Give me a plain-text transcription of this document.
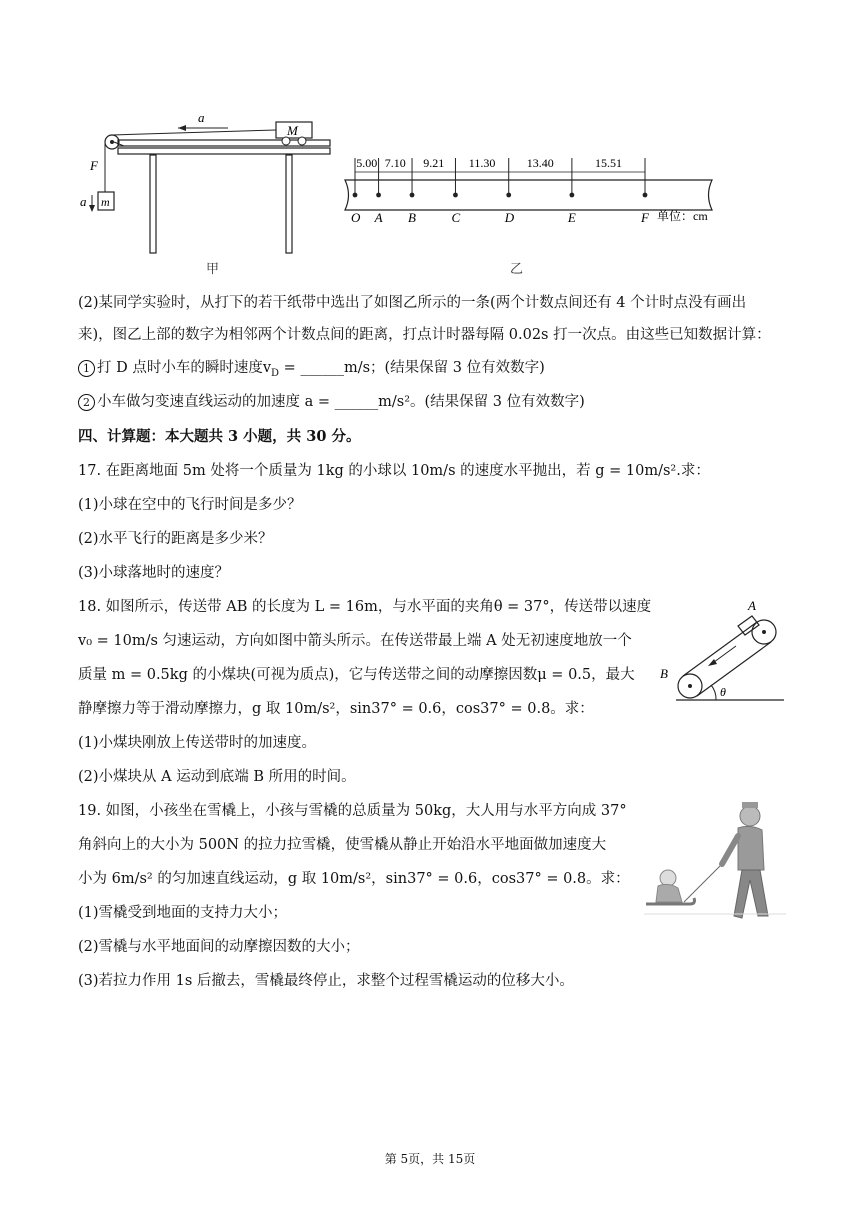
M
a
F
m
a
甲
O A B	C	D	E	F
5.00 7.10 9.21 11.30	13.40	15.51
单位：cm
乙
(2)某同学实验时，从打下的若干纸带中选出了如图乙所示的一条(两个计数点间还有 4 个计时点没有画出
来)，图乙上部的数字为相邻两个计数点间的距离，打点计时器每隔 0.02s 打一次点。由这些已知数据计算：
1 打 D 点时小车的瞬时速度$v_D$ = ______m/s；(结果保留 3 位有效数字)
2 小车做匀变速直线运动的加速度 a = ______m/s²。(结果保留 3 位有效数字)
四、计算题：本大题共 3 小题，共 30 分。
17. 在距离地面 5m 处将一个质量为 1kg 的小球以 10m/s 的速度水平抛出，若 g = 10m/s².求：
(1)小球在空中的飞行时间是多少？
(2)水平飞行的距离是多少米？
(3)小球落地时的速度？
18. 如图所示，传送带 AB 的长度为 L = 16m，与水平面的夹角θ = 37°，传送带以速度
v₀ = 10m/s 匀速运动，方向如图中箭头所示。在传送带最上端 A 处无初速度地放一个
质量 m = 0.5kg 的小煤块(可视为质点)，它与传送带之间的动摩擦因数μ = 0.5，最大
静摩擦力等于滑动摩擦力，g 取 10m/s²，sin37° = 0.6，cos37° = 0.8。求：
(1)小煤块刚放上传送带时的加速度。
(2)小煤块从 A 运动到底端 B 所用的时间。
θ
A
B
19. 如图，小孩坐在雪橇上，小孩与雪橇的总质量为 50kg，大人用与水平方向成 37°
角斜向上的大小为 500N 的拉力拉雪橇，使雪橇从静止开始沿水平地面做加速度大
小为 6m/s² 的匀加速直线运动，g 取 10m/s²，sin37° = 0.6，cos37° = 0.8。求：
(1)雪橇受到地面的支持力大小；
(2)雪橇与水平地面间的动摩擦因数的大小；
(3)若拉力作用 1s 后撤去，雪橇最终停止，求整个过程雪橇运动的位移大小。
第 5页，共 15页
